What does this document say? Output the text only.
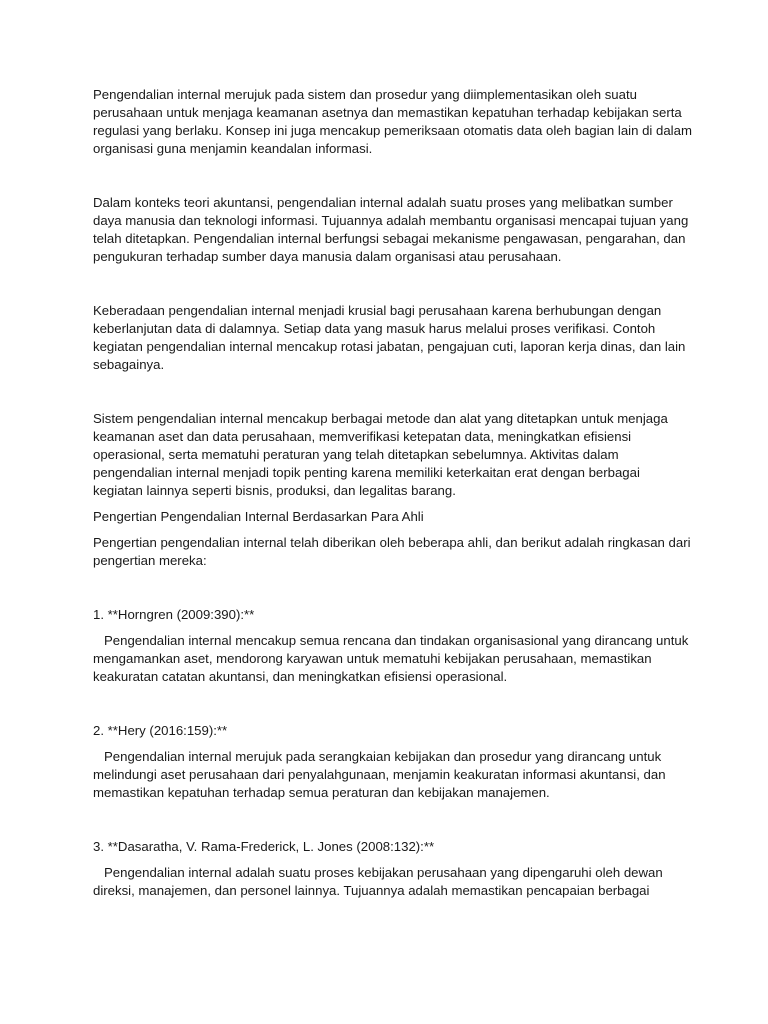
Pengendalian internal merujuk pada sistem dan prosedur yang diimplementasikan oleh suatu perusahaan untuk menjaga keamanan asetnya dan memastikan kepatuhan terhadap kebijakan serta regulasi yang berlaku. Konsep ini juga mencakup pemeriksaan otomatis data oleh bagian lain di dalam organisasi guna menjamin keandalan informasi.

Dalam konteks teori akuntansi, pengendalian internal adalah suatu proses yang melibatkan sumber daya manusia dan teknologi informasi. Tujuannya adalah membantu organisasi mencapai tujuan yang telah ditetapkan. Pengendalian internal berfungsi sebagai mekanisme pengawasan, pengarahan, dan pengukuran terhadap sumber daya manusia dalam organisasi atau perusahaan.

Keberadaan pengendalian internal menjadi krusial bagi perusahaan karena berhubungan dengan keberlanjutan data di dalamnya. Setiap data yang masuk harus melalui proses verifikasi. Contoh kegiatan pengendalian internal mencakup rotasi jabatan, pengajuan cuti, laporan kerja dinas, dan lain sebagainya.

Sistem pengendalian internal mencakup berbagai metode dan alat yang ditetapkan untuk menjaga keamanan aset dan data perusahaan, memverifikasi ketepatan data, meningkatkan efisiensi operasional, serta mematuhi peraturan yang telah ditetapkan sebelumnya. Aktivitas dalam pengendalian internal menjadi topik penting karena memiliki keterkaitan erat dengan berbagai kegiatan lainnya seperti bisnis, produksi, dan legalitas barang.

Pengertian Pengendalian Internal Berdasarkan Para Ahli

Pengertian pengendalian internal telah diberikan oleh beberapa ahli, dan berikut adalah ringkasan dari pengertian mereka:

1. **Horngren (2009:390):**

Pengendalian internal mencakup semua rencana dan tindakan organisasional yang dirancang untuk mengamankan aset, mendorong karyawan untuk mematuhi kebijakan perusahaan, memastikan keakuratan catatan akuntansi, dan meningkatkan efisiensi operasional.

2. **Hery (2016:159):**

Pengendalian internal merujuk pada serangkaian kebijakan dan prosedur yang dirancang untuk melindungi aset perusahaan dari penyalahgunaan, menjamin keakuratan informasi akuntansi, dan memastikan kepatuhan terhadap semua peraturan dan kebijakan manajemen.

3. **Dasaratha, V. Rama-Frederick, L. Jones (2008:132):**

Pengendalian internal adalah suatu proses kebijakan perusahaan yang dipengaruhi oleh dewan direksi, manajemen, dan personel lainnya. Tujuannya adalah memastikan pencapaian berbagai
